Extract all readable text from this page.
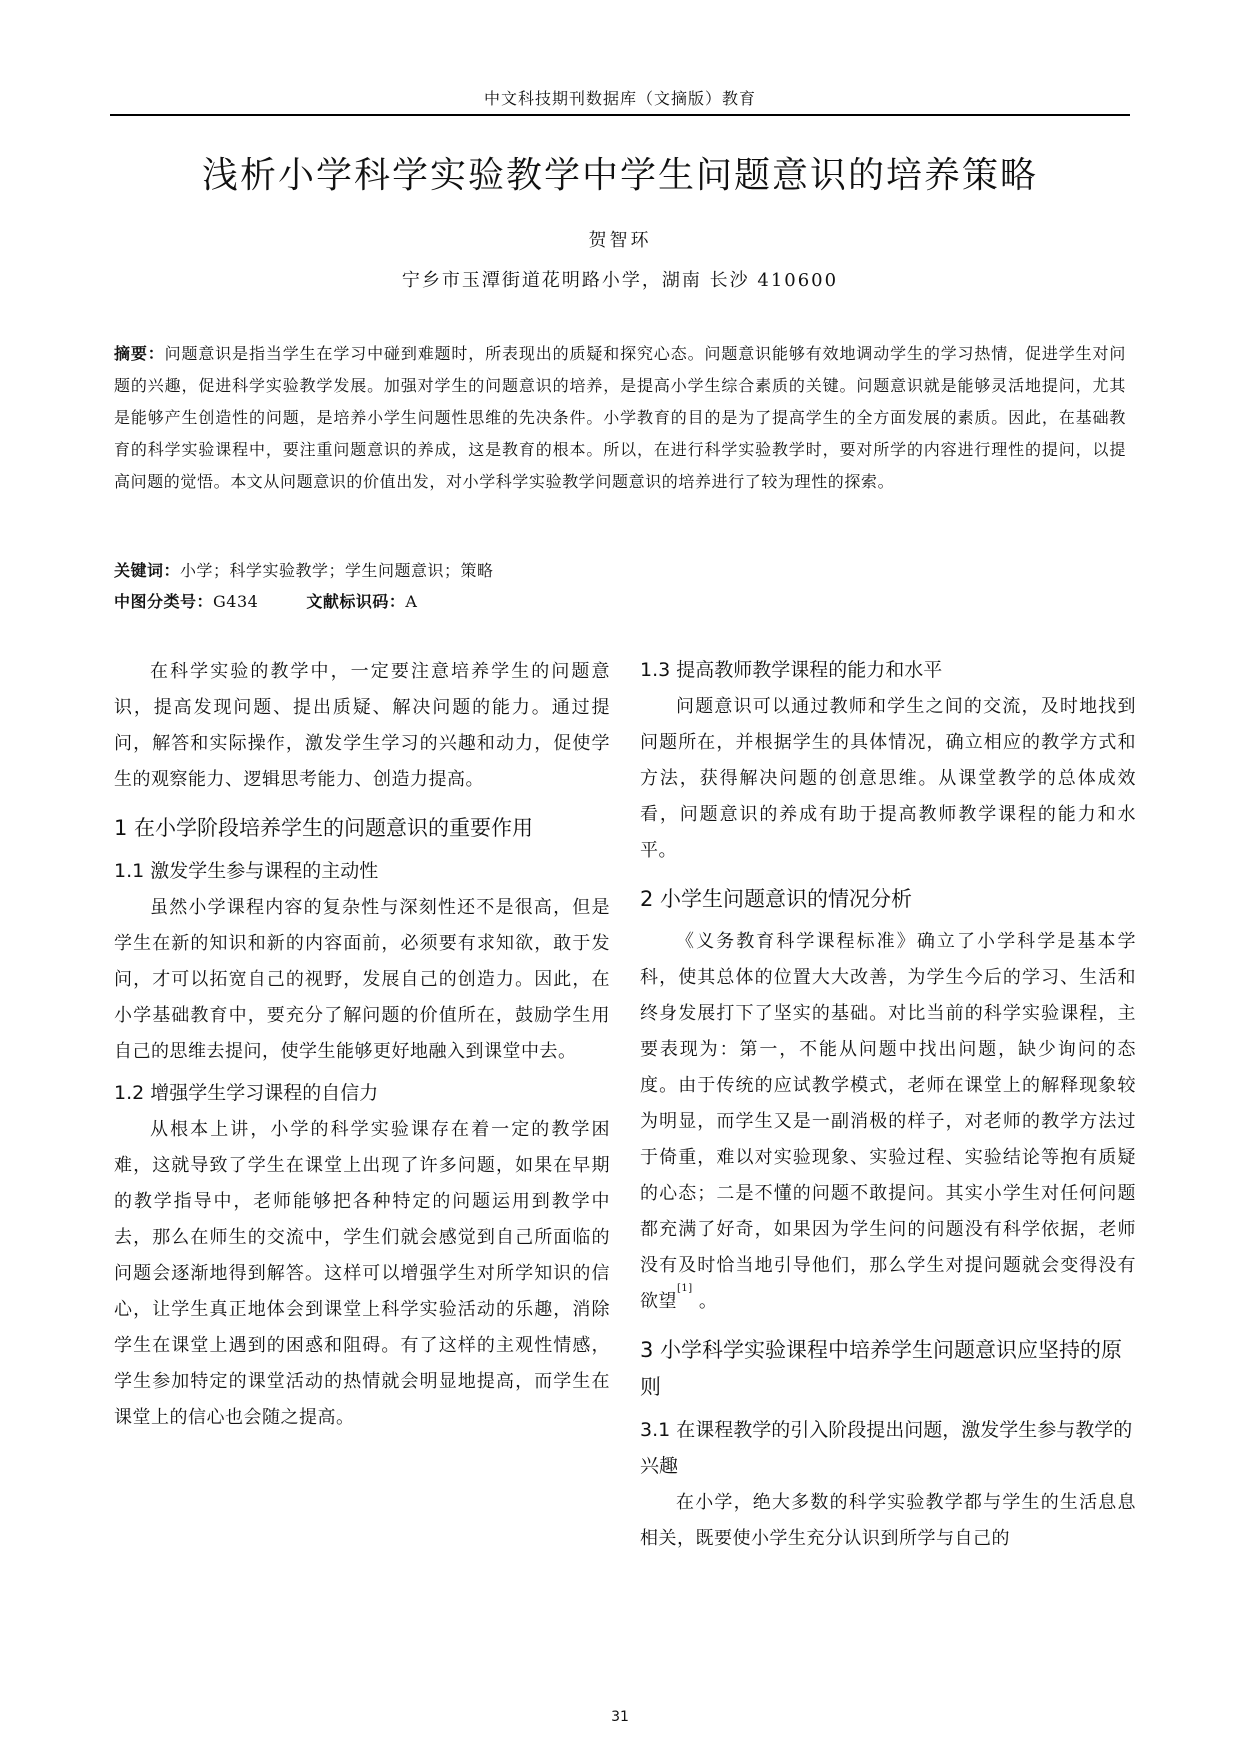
中文科技期刊数据库（文摘版）教育
浅析小学科学实验教学中学生问题意识的培养策略
贺智环
宁乡市玉潭街道花明路小学，湖南 长沙 410600
摘要：问题意识是指当学生在学习中碰到难题时，所表现出的质疑和探究心态。问题意识能够有效地调动学生的学习热情，促进学生对问题的兴趣，促进科学实验教学发展。加强对学生的问题意识的培养，是提高小学生综合素质的关键。问题意识就是能够灵活地提问，尤其是能够产生创造性的问题，是培养小学生问题性思维的先决条件。小学教育的目的是为了提高学生的全方面发展的素质。因此，在基础教育的科学实验课程中，要注重问题意识的养成，这是教育的根本。所以，在进行科学实验教学时，要对所学的内容进行理性的提问，以提高问题的觉悟。本文从问题意识的价值出发，对小学科学实验教学问题意识的培养进行了较为理性的探索。
关键词：小学；科学实验教学；学生问题意识；策略
中图分类号：G434	文献标识码：A

在科学实验的教学中，一定要注意培养学生的问题意识，提高发现问题、提出质疑、解决问题的能力。通过提问，解答和实际操作，激发学生学习的兴趣和动力，促使学生的观察能力、逻辑思考能力、创造力提高。

1 在小学阶段培养学生的问题意识的重要作用
1.1 激发学生参与课程的主动性

虽然小学课程内容的复杂性与深刻性还不是很高，但是学生在新的知识和新的内容面前，必须要有求知欲，敢于发问，才可以拓宽自己的视野，发展自己的创造力。因此，在小学基础教育中，要充分了解问题的价值所在，鼓励学生用自己的思维去提问，使学生能够更好地融入到课堂中去。

1.2 增强学生学习课程的自信力

从根本上讲，小学的科学实验课存在着一定的教学困难，这就导致了学生在课堂上出现了许多问题，如果在早期的教学指导中，老师能够把各种特定的问题运用到教学中去，那么在师生的交流中，学生们就会感觉到自己所面临的问题会逐渐地得到解答。这样可以增强学生对所学知识的信心，让学生真正地体会到课堂上科学实验活动的乐趣，消除学生在课堂上遇到的困惑和阻碍。有了这样的主观性情感，学生参加特定的课堂活动的热情就会明显地提高，而学生在课堂上的信心也会随之提高。

1.3 提高教师教学课程的能力和水平

问题意识可以通过教师和学生之间的交流，及时地找到问题所在，并根据学生的具体情况，确立相应的教学方式和方法，获得解决问题的创意思维。从课堂教学的总体成效看，问题意识的养成有助于提高教师教学课程的能力和水平。

2 小学生问题意识的情况分析

《义务教育科学课程标准》确立了小学科学是基本学科，使其总体的位置大大改善，为学生今后的学习、生活和终身发展打下了坚实的基础。对比当前的科学实验课程，主要表现为：第一，不能从问题中找出问题，缺少询问的态度。由于传统的应试教学模式，老师在课堂上的解释现象较为明显，而学生又是一副消极的样子，对老师的教学方法过于倚重，难以对实验现象、实验过程、实验结论等抱有质疑的心态；二是不懂的问题不敢提问。其实小学生对任何问题都充满了好奇，如果因为学生问的问题没有科学依据，老师没有及时恰当地引导他们，那么学生对提问题就会变得没有欲望[1] 。

3 小学科学实验课程中培养学生问题意识应坚持的原则
3.1 在课程教学的引入阶段提出问题，激发学生参与教学的兴趣

在小学，绝大多数的科学实验教学都与学生的生活息息相关，既要使小学生充分认识到所学与自己的

31
